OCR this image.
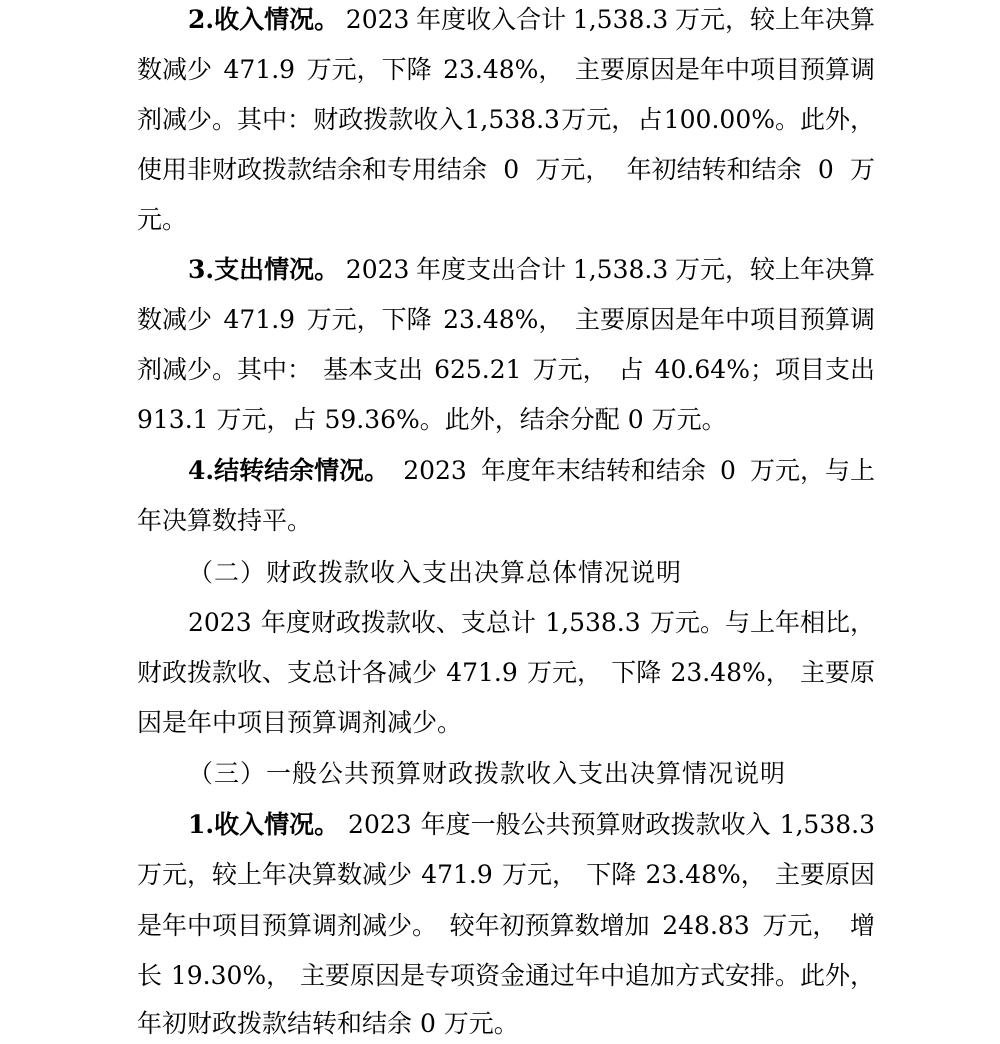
2.收入情况。 2023 年度收入合计 1,538.3 万元，较上年决算
数减少 471.9 万元，下降 23.48%， 主要原因是年中项目预算调
剂减少。其中： 财政拨款收入 1,538.3 万元， 占 100.00%。此外，
使用非财政拨款结余和专用结余 0 万元， 年初结转和结余 0 万
元。
3.支出情况。 2023 年度支出合计 1,538.3 万元，较上年决算
数减少 471.9 万元，下降 23.48%， 主要原因是年中项目预算调
剂减少。其中： 基本支出 625.21 万元， 占 40.64%；项目支出
913.1 万元，占 59.36%。此外，结余分配 0 万元。
4.结转结余情况。 2023 年度年末结转和结余 0 万元，与上
年决算数持平。
（二）财政拨款收入支出决算总体情况说明
2023 年度财政拨款收、支总计 1,538.3 万元。与上年相比，
财政拨款收、支总计各减少 471.9 万元， 下降 23.48%， 主要原
因是年中项目预算调剂减少。
（三）一般公共预算财政拨款收入支出决算情况说明
1.收入情况。 2023 年度一般公共预算财政拨款收入 1,538.3
万元，较上年决算数减少 471.9 万元， 下降 23.48%， 主要原因
是年中项目预算调剂减少。 较年初预算数增加 248.83 万元， 增
长 19.30%， 主要原因是专项资金通过年中追加方式安排。此外，
年初财政拨款结转和结余 0 万元。
